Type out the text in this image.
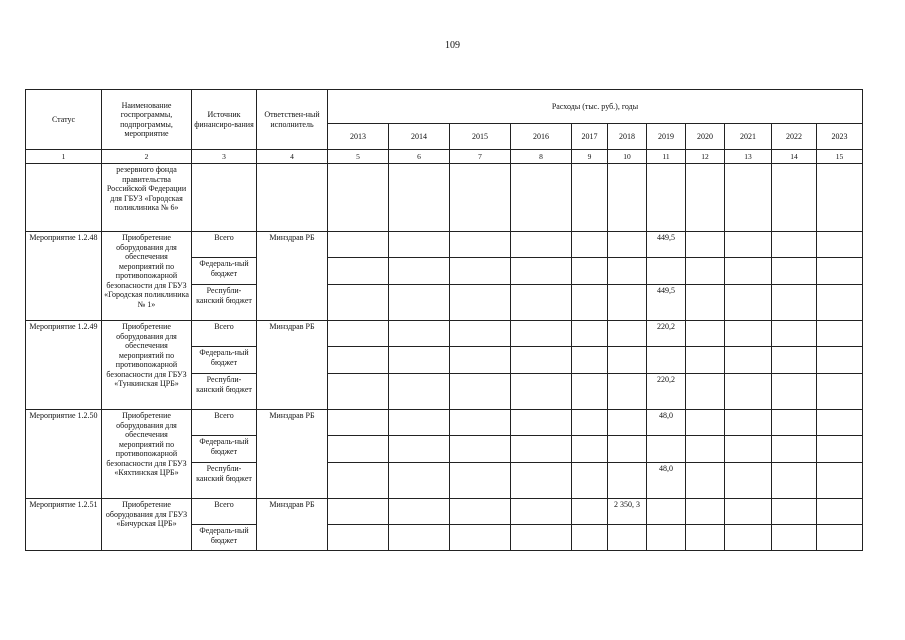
109
Статус	Наименование госпрограммы, подпрограммы, мероприятие	Источник финансиро-вания	Ответствен-ный исполнитель	Расходы (тыс. руб.), годы										
				2013	2014	2015	2016	2017	2018	2019	2020	2021	2022	2023
1	2	3	4	5	6	7	8	9	10	11	12	13	14	15
	резервного фонда правительства Российской Федерации для ГБУЗ «Городская поликлиника № 6»													
Мероприятие 1.2.48	Приобретение оборудования для обеспечения мероприятий по противопожарной безопасности для ГБУЗ «Городская поликлиника № 1»	Всего	Минздрав РБ							449,5				
		Федераль-ный бюджет												
		Республи-канский бюджет								449,5				
Мероприятие 1.2.49	Приобретение оборудования для обеспечения мероприятий по противопожарной безопасности для ГБУЗ «Тункинская ЦРБ»	Всего	Минздрав РБ							220,2				
		Федераль-ный бюджет												
		Республи-канский бюджет								220,2				
Мероприятие 1.2.50	Приобретение оборудования для обеспечения мероприятий по противопожарной безопасности для ГБУЗ «Кяхтинская ЦРБ»	Всего	Минздрав РБ							48,0				
		Федераль-ный бюджет												
		Республи-канский бюджет								48,0				
Мероприятие 1.2.51	Приобретение оборудования для ГБУЗ «Бичурская ЦРБ»	Всего	Минздрав РБ						2 350, 3					
		Федераль-ный бюджет												
